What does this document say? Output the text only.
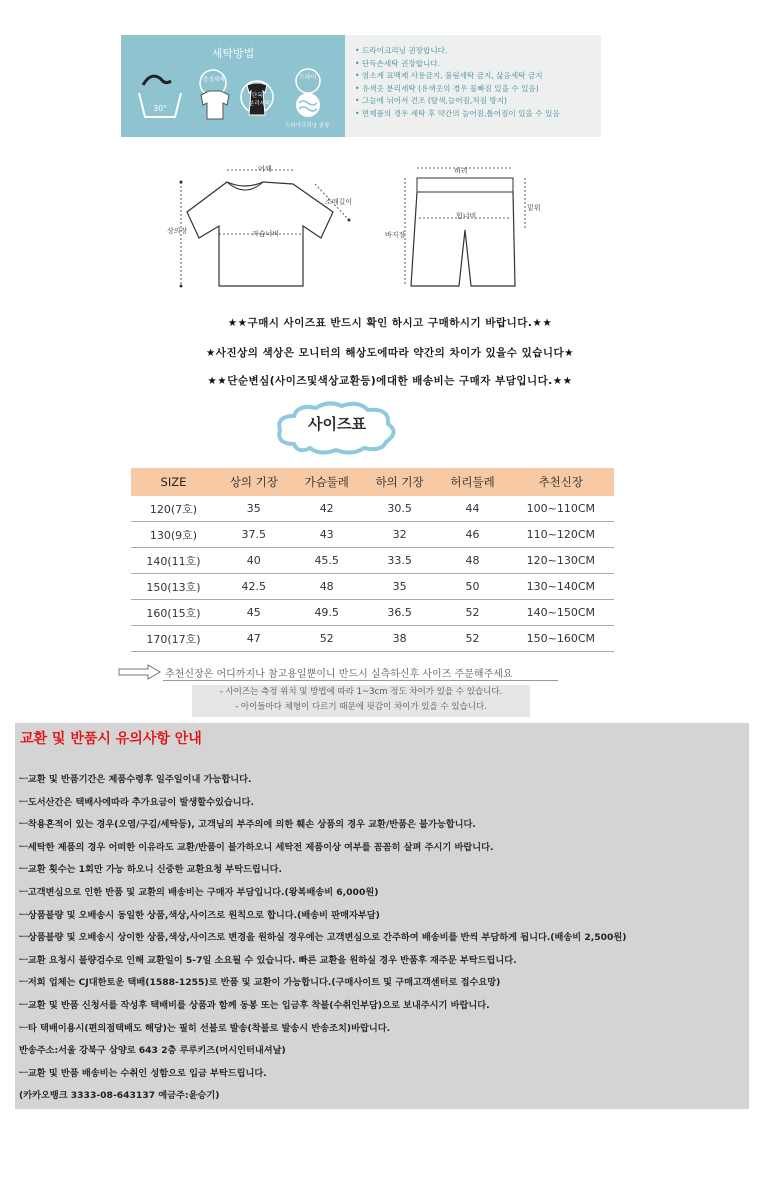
세탁방법
30°
중성세제
단독
분리세탁
드라이
드라이크리닝 권장
• 드라이크리닝 권장합니다.
• 단독손세탁 권장합니다.
• 염소계 표백제 사용금지, 불림세탁 금지, 삶음세탁 금지
• 유색옷 분리세탁 (유색옷의 경우 물빠짐 있을 수 있음)
• 그늘에 뉘어서 건조 (탈색,늘어짐,처짐 방지)
• 면제품의 경우 세탁 후 약간의 늘어짐,틀어짐이 있을 수 있음
어깨
소매길이
상의장	가슴너비
허리
힙너비
밑위
바지장
★★구매시 사이즈표 반드시 확인 하시고 구매하시기 바랍니다.★★
★사진상의 색상은 모니터의 해상도에따라 약간의 차이가 있을수 있습니다★
★★단순변심(사이즈및색상교환등)에대한 배송비는 구매자 부담입니다.★★
사이즈표
SIZE	상의 기장	가슴둘레	하의 기장	허리둘레	추천신장
120(7호)	35	42	30.5	44	100~110CM
130(9호)	37.5	43	32	46	110~120CM
140(11호)	40	45.5	33.5	48	120~130CM
150(13호)	42.5	48	35	50	130~140CM
160(15호)	45	49.5	36.5	52	140~150CM
170(17호)	47	52	38	52	150~160CM
추천신장은 어디까지나 참고용일뿐이니 반드시 실측하신후 사이즈 주문해주세요
- 사이즈는 측정 위치 및 방법에 따라 1~3cm 정도 차이가 있을 수 있습니다.
- 아이들마다 체형이 다르기 때문에 핏감이 차이가 있을 수 있습니다.
교환 및 반품시 유의사항 안내
ㅡ교환 및 반품기간은 제품수령후 일주일이내 가능합니다.
ㅡ도서산간은 택배사에따라 추가요금이 발생할수있습니다.
ㅡ착용흔적이 있는 경우(오염/구김/세탁등), 고객님의 부주의에 의한 훼손 상품의 경우 교환/반품은 불가능합니다.
ㅡ세탁한 제품의 경우 어떠한 이유라도 교환/반품이 불가하오니 세탁전 제품이상 여부를 꼼꼼히 살펴 주시기 바랍니다.
ㅡ교환 횟수는 1회만 가능 하오니 신중한 교환요청 부탁드립니다.
ㅡ고객변심으로 인한 반품 및 교환의 배송비는 구매자 부담입니다.(왕복배송비 6,000원)
ㅡ상품불량 및 오배송시 동일한 상품,색상,사이즈로 원칙으로 합니다.(배송비 판매자부담)
ㅡ상품불량 및 오배송시 상이한 상품,색상,사이즈로 변경을 원하실 경우에는 고객변심으로 간주하여 배송비를 반씩 부담하게 됩니다.(배송비 2,500원)
ㅡ교환 요청시 불량검수로 인해 교환일이 5-7일 소요될 수 있습니다. 빠른 교환을 원하실 경우 반품후 재주문 부탁드립니다.
ㅡ저희 업체는 CJ대한토운 택배(1588-1255)로 반품 및 교환이 가능합니다.(구매사이트 및 구매고객센터로 접수요망)
ㅡ교환 및 반품 신청서를 작성후 택배비를 상품과 함께 동봉 또는 입금후 착불(수취인부담)으로 보내주시기 바랍니다.
ㅡ타 택배이용시(편의점택배도 해당)는 필히 선불로 발송(착불로 발송시 반송조치)바랍니다.
반송주소:서울 강북구 삼양로 643 2층 루루키즈(머시인터내셔날)
ㅡ교환 및 반품 배송비는 수취인 성함으로 입금 부탁드립니다.
(카카오뱅크 3333-08-643137 예금주:윤승기)
